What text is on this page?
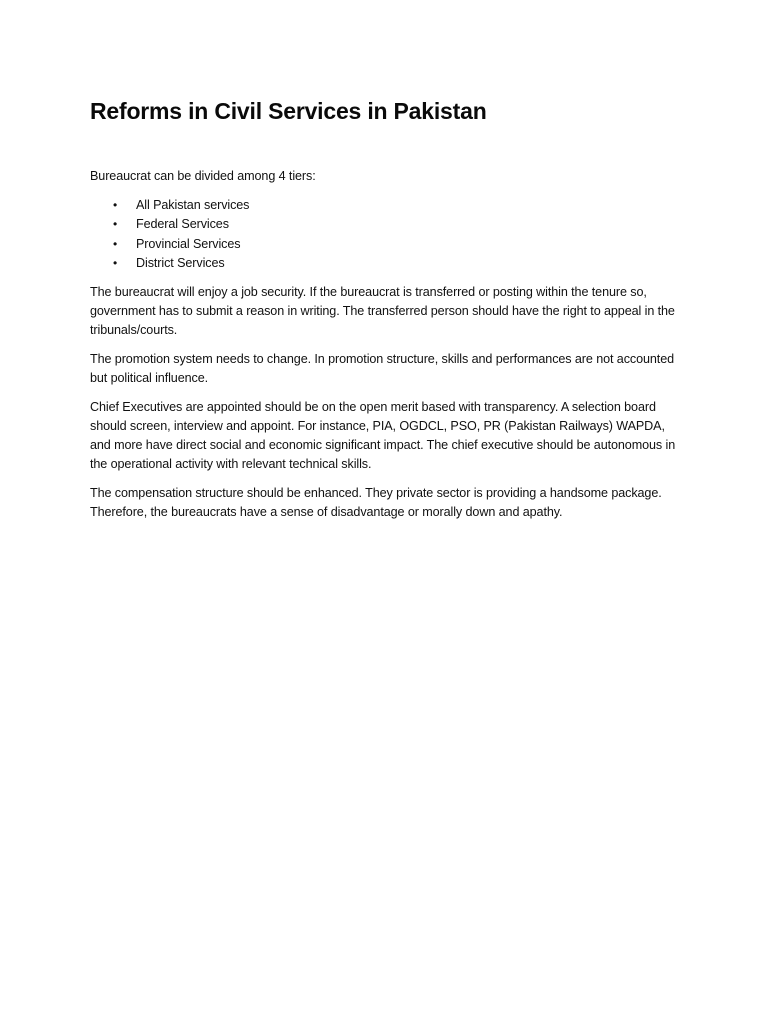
Reforms in Civil Services in Pakistan

Bureaucrat can be divided among 4 tiers:

• All Pakistan services
• Federal Services
• Provincial Services
• District Services

The bureaucrat will enjoy a job security. If the bureaucrat is transferred or posting within the tenure so, government has to submit a reason in writing. The transferred person should have the right to appeal in the tribunals/courts.

The promotion system needs to change. In promotion structure, skills and performances are not accounted but political influence.

Chief Executives are appointed should be on the open merit based with transparency. A selection board should screen, interview and appoint. For instance, PIA, OGDCL, PSO, PR (Pakistan Railways) WAPDA, and more have direct social and economic significant impact. The chief executive should be autonomous in the operational activity with relevant technical skills.

The compensation structure should be enhanced. They private sector is providing a handsome package. Therefore, the bureaucrats have a sense of disadvantage or morally down and apathy.
